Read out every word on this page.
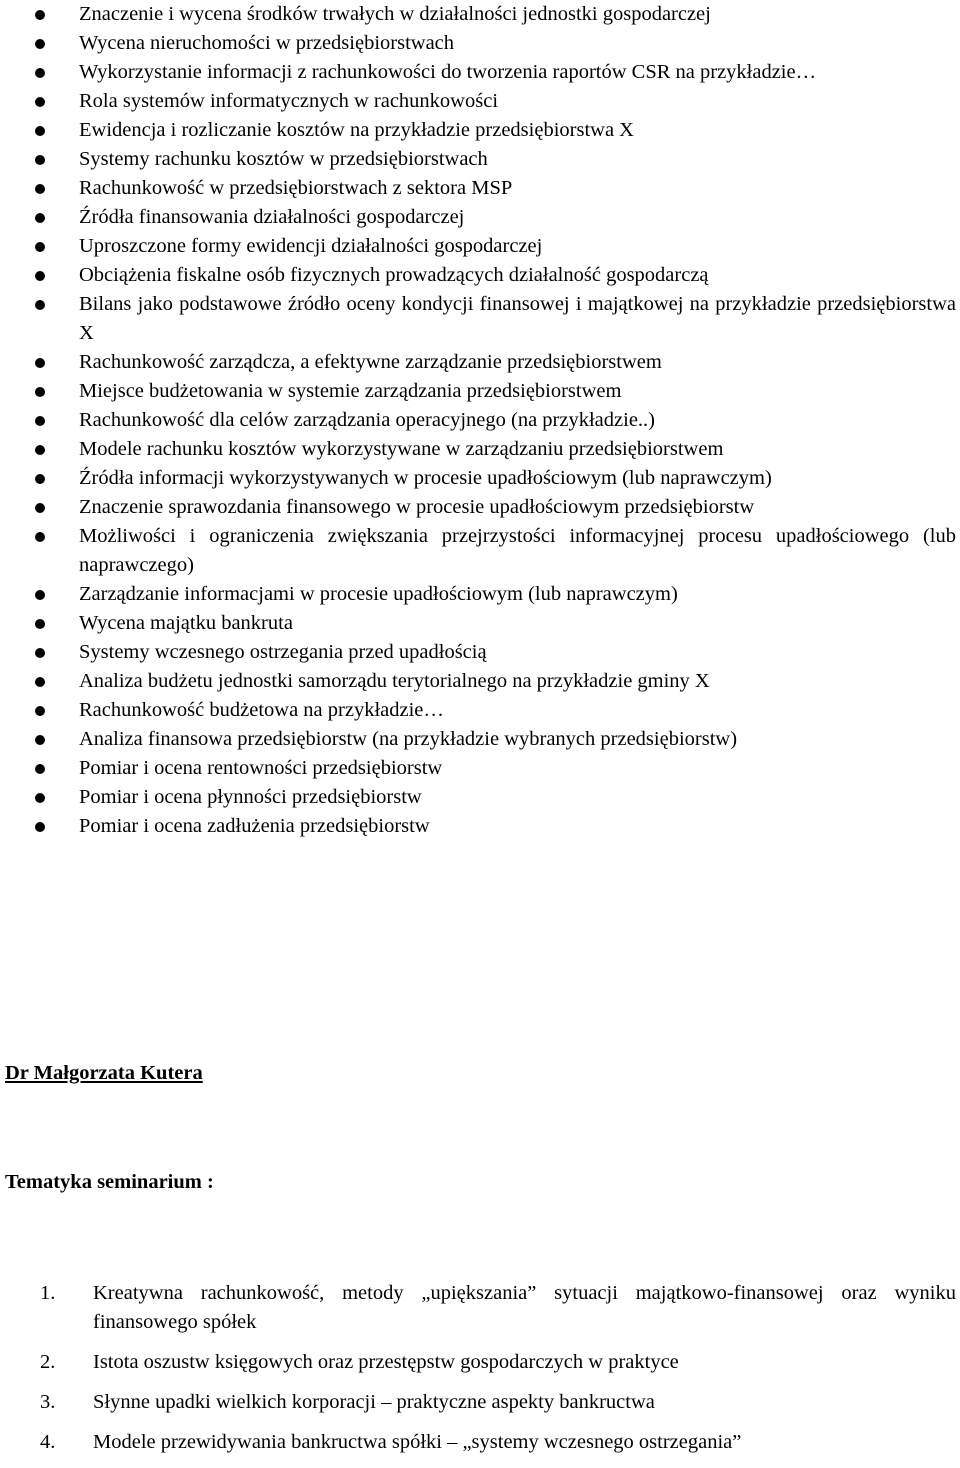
Znaczenie i wycena środków trwałych w działalności jednostki gospodarczej
Wycena nieruchomości w przedsiębiorstwach
Wykorzystanie informacji z rachunkowości do tworzenia raportów CSR na przykładzie…
Rola systemów informatycznych w rachunkowości
Ewidencja i rozliczanie kosztów na przykładzie przedsiębiorstwa X
Systemy rachunku kosztów w przedsiębiorstwach
Rachunkowość w przedsiębiorstwach z sektora MSP
Źródła finansowania działalności gospodarczej
Uproszczone formy ewidencji działalności gospodarczej
Obciążenia fiskalne osób fizycznych prowadzących działalność gospodarczą
Bilans jako podstawowe źródło oceny kondycji finansowej i majątkowej na przykładzie przedsiębiorstwa X
Rachunkowość zarządcza, a efektywne zarządzanie przedsiębiorstwem
Miejsce budżetowania w systemie zarządzania przedsiębiorstwem
Rachunkowość dla celów zarządzania operacyjnego (na przykładzie..)
Modele rachunku kosztów wykorzystywane w zarządzaniu przedsiębiorstwem
Źródła informacji wykorzystywanych w procesie upadłościowym (lub naprawczym)
Znaczenie sprawozdania finansowego w procesie upadłościowym przedsiębiorstw
Możliwości i ograniczenia zwiększania przejrzystości informacyjnej procesu upadłościowego (lub naprawczego)
Zarządzanie informacjami w procesie upadłościowym (lub naprawczym)
Wycena majątku bankruta
Systemy wczesnego ostrzegania przed upadłością
Analiza budżetu jednostki samorządu terytorialnego na przykładzie gminy X
Rachunkowość budżetowa na przykładzie…
Analiza finansowa przedsiębiorstw (na przykładzie wybranych przedsiębiorstw)
Pomiar i ocena rentowności przedsiębiorstw
Pomiar i ocena płynności przedsiębiorstw
Pomiar i ocena zadłużenia przedsiębiorstw
Dr Małgorzata Kutera
Tematyka seminarium :
1. Kreatywna rachunkowość, metody „upiększania” sytuacji majątkowo-finansowej oraz wyniku finansowego spółek
2. Istota oszustw księgowych oraz przestępstw gospodarczych w praktyce
3. Słynne upadki wielkich korporacji – praktyczne aspekty bankructwa
4. Modele przewidywania bankructwa spółki – „systemy wczesnego ostrzegania”
